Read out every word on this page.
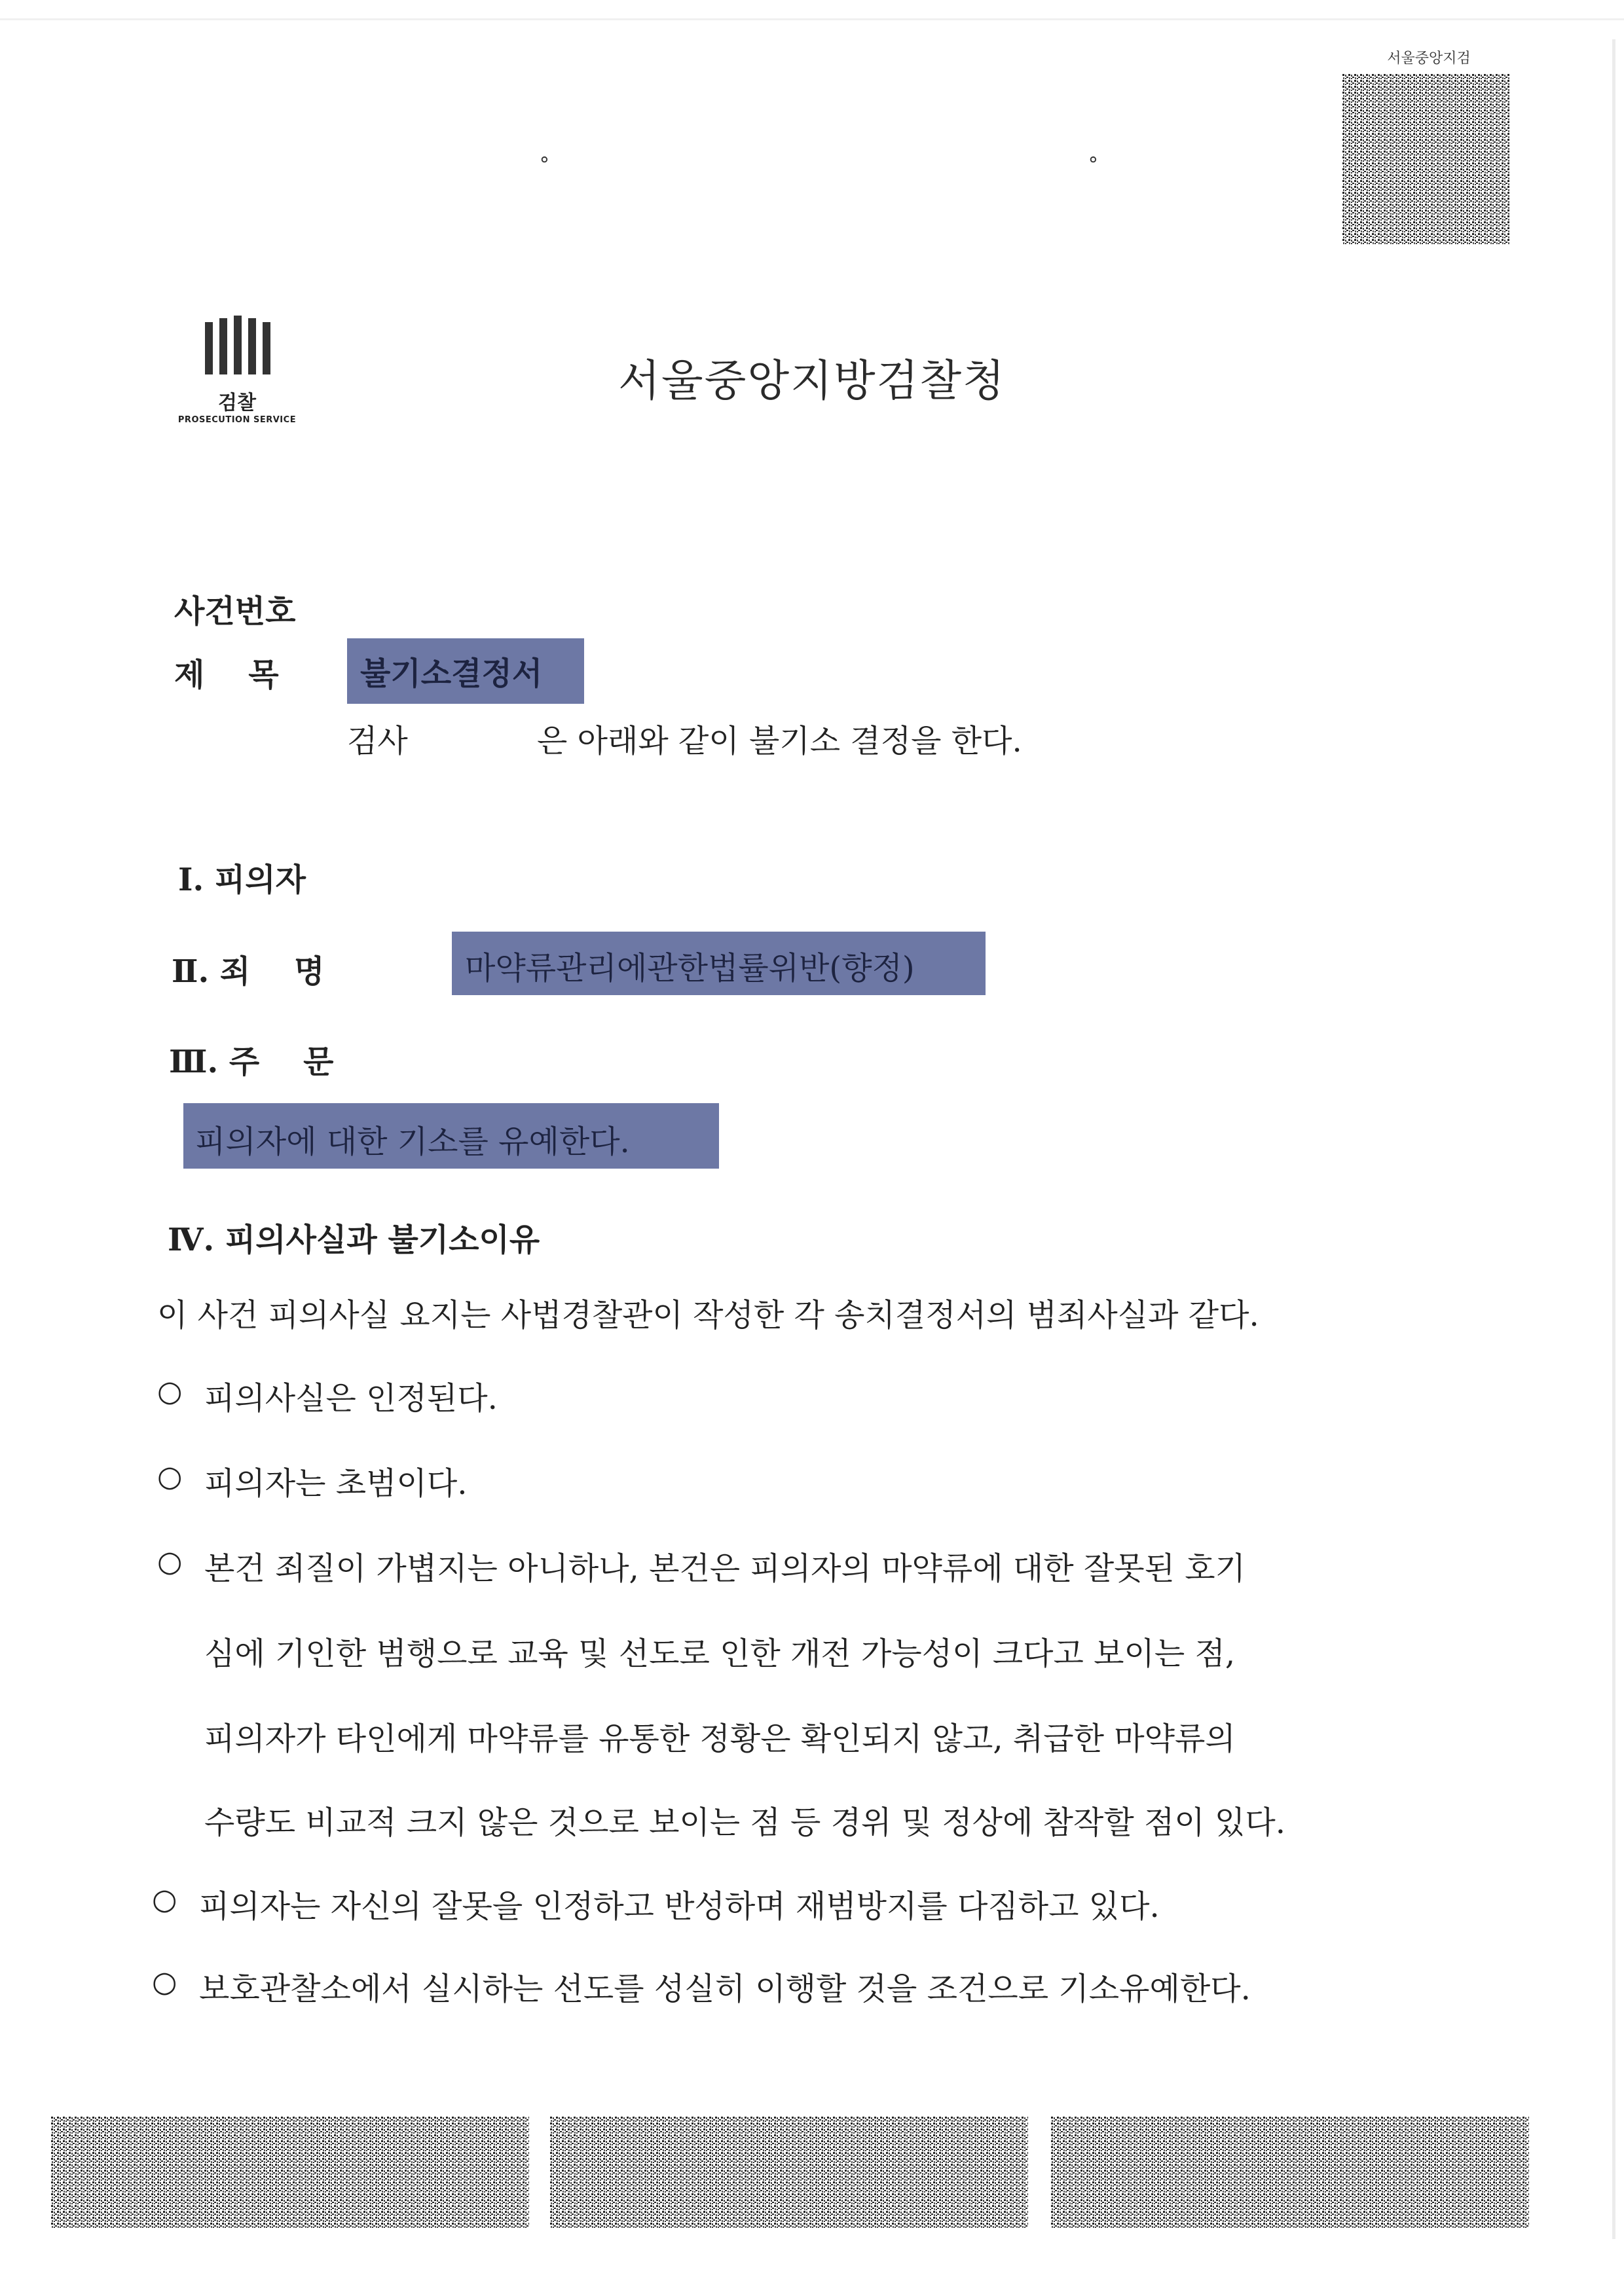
서울중앙지검
∘	∘
검찰
PROSECUTION SERVICE
서울중앙지방검찰청
사건번호
제    목	불기소결정서
검사	은 아래와 같이 불기소 결정을 한다.
Ⅰ. 피의자
Ⅱ. 죄    명	마약류관리에관한법률위반(향정)
Ⅲ. 주    문
피의자에 대한 기소를 유예한다.
Ⅳ. 피의사실과 불기소이유
이 사건 피의사실 요지는 사법경찰관이 작성한 각 송치결정서의 범죄사실과 같다.
○ 피의사실은 인정된다.
○ 피의자는 초범이다.
○ 본건 죄질이 가볍지는 아니하나, 본건은 피의자의 마약류에 대한 잘못된 호기
심에 기인한 범행으로 교육 및 선도로 인한 개전 가능성이 크다고 보이는 점,
피의자가 타인에게 마약류를 유통한 정황은 확인되지 않고, 취급한 마약류의
수량도 비교적 크지 않은 것으로 보이는 점 등 경위 및 정상에 참작할 점이 있다.
○ 피의자는 자신의 잘못을 인정하고 반성하며 재범방지를 다짐하고 있다.
○ 보호관찰소에서 실시하는 선도를 성실히 이행할 것을 조건으로 기소유예한다.
